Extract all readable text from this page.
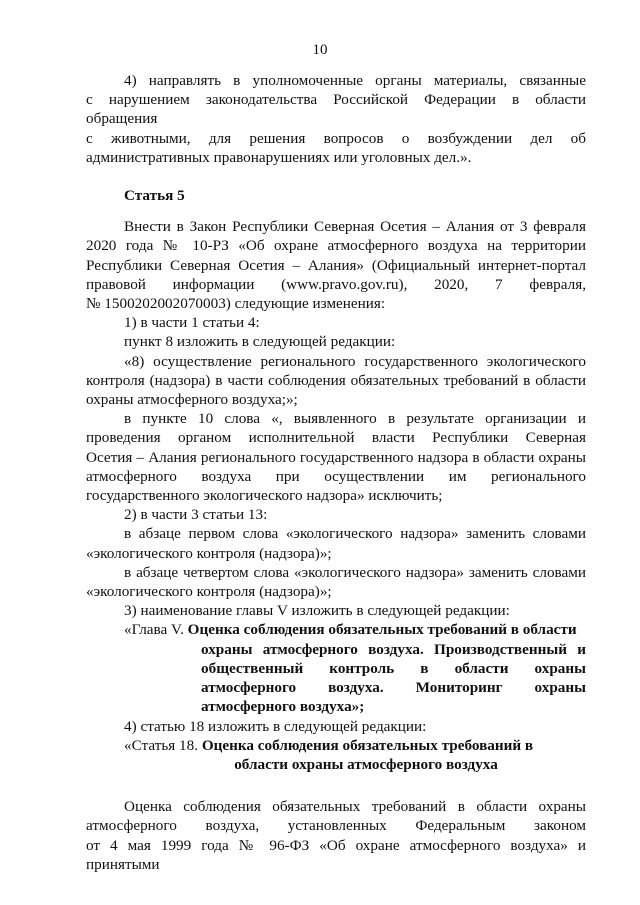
10

4) направлять в уполномоченные органы материалы, связанные

с нарушением законодательства Российской Федерации в области обращения
с животными, для решения вопросов о возбуждении дел об
административных правонарушениях или уголовных дел.».

Статья 5

Внести в Закон Республики Северная Осетия – Алания от 3 февраля

2020 года № 10-РЗ «Об охране атмосферного воздуха на территории
Республики Северная Осетия – Алания» (Официальный интернет-портал
правовой информации (www.pravo.gov.ru), 2020, 7 февраля,
№ 1500202002070003) следующие изменения:

1) в части 1 статьи 4:

пункт 8 изложить в следующей редакции:

«8) осуществление регионального государственного экологического

контроля (надзора) в части соблюдения обязательных требований в области
охраны атмосферного воздуха;»;

в пункте 10 слова «, выявленного в результате организации и

проведения органом исполнительной власти Республики Северная
Осетия – Алания регионального государственного надзора в области охраны
атмосферного воздуха при осуществлении им регионального
государственного экологического надзора» исключить;

2) в части 3 статьи 13:

в абзаце первом слова «экологического надзора» заменить словами

«экологического контроля (надзора)»;

в абзаце четвертом слова «экологического надзора» заменить словами

«экологического контроля (надзора)»;

3) наименование главы V изложить в следующей редакции:

«Глава V. Оценка соблюдения обязательных требований в области

охраны атмосферного воздуха. Производственный и
общественный контроль в области охраны
атмосферного воздуха. Мониторинг охраны
атмосферного воздуха»;

4) статью 18 изложить в следующей редакции:

«Статья 18. Оценка соблюдения обязательных требований в

области охраны атмосферного воздуха

Оценка соблюдения обязательных требований в области охраны

атмосферного воздуха, установленных Федеральным законом
от 4 мая 1999 года № 96-ФЗ «Об охране атмосферного воздуха» и принятыми
